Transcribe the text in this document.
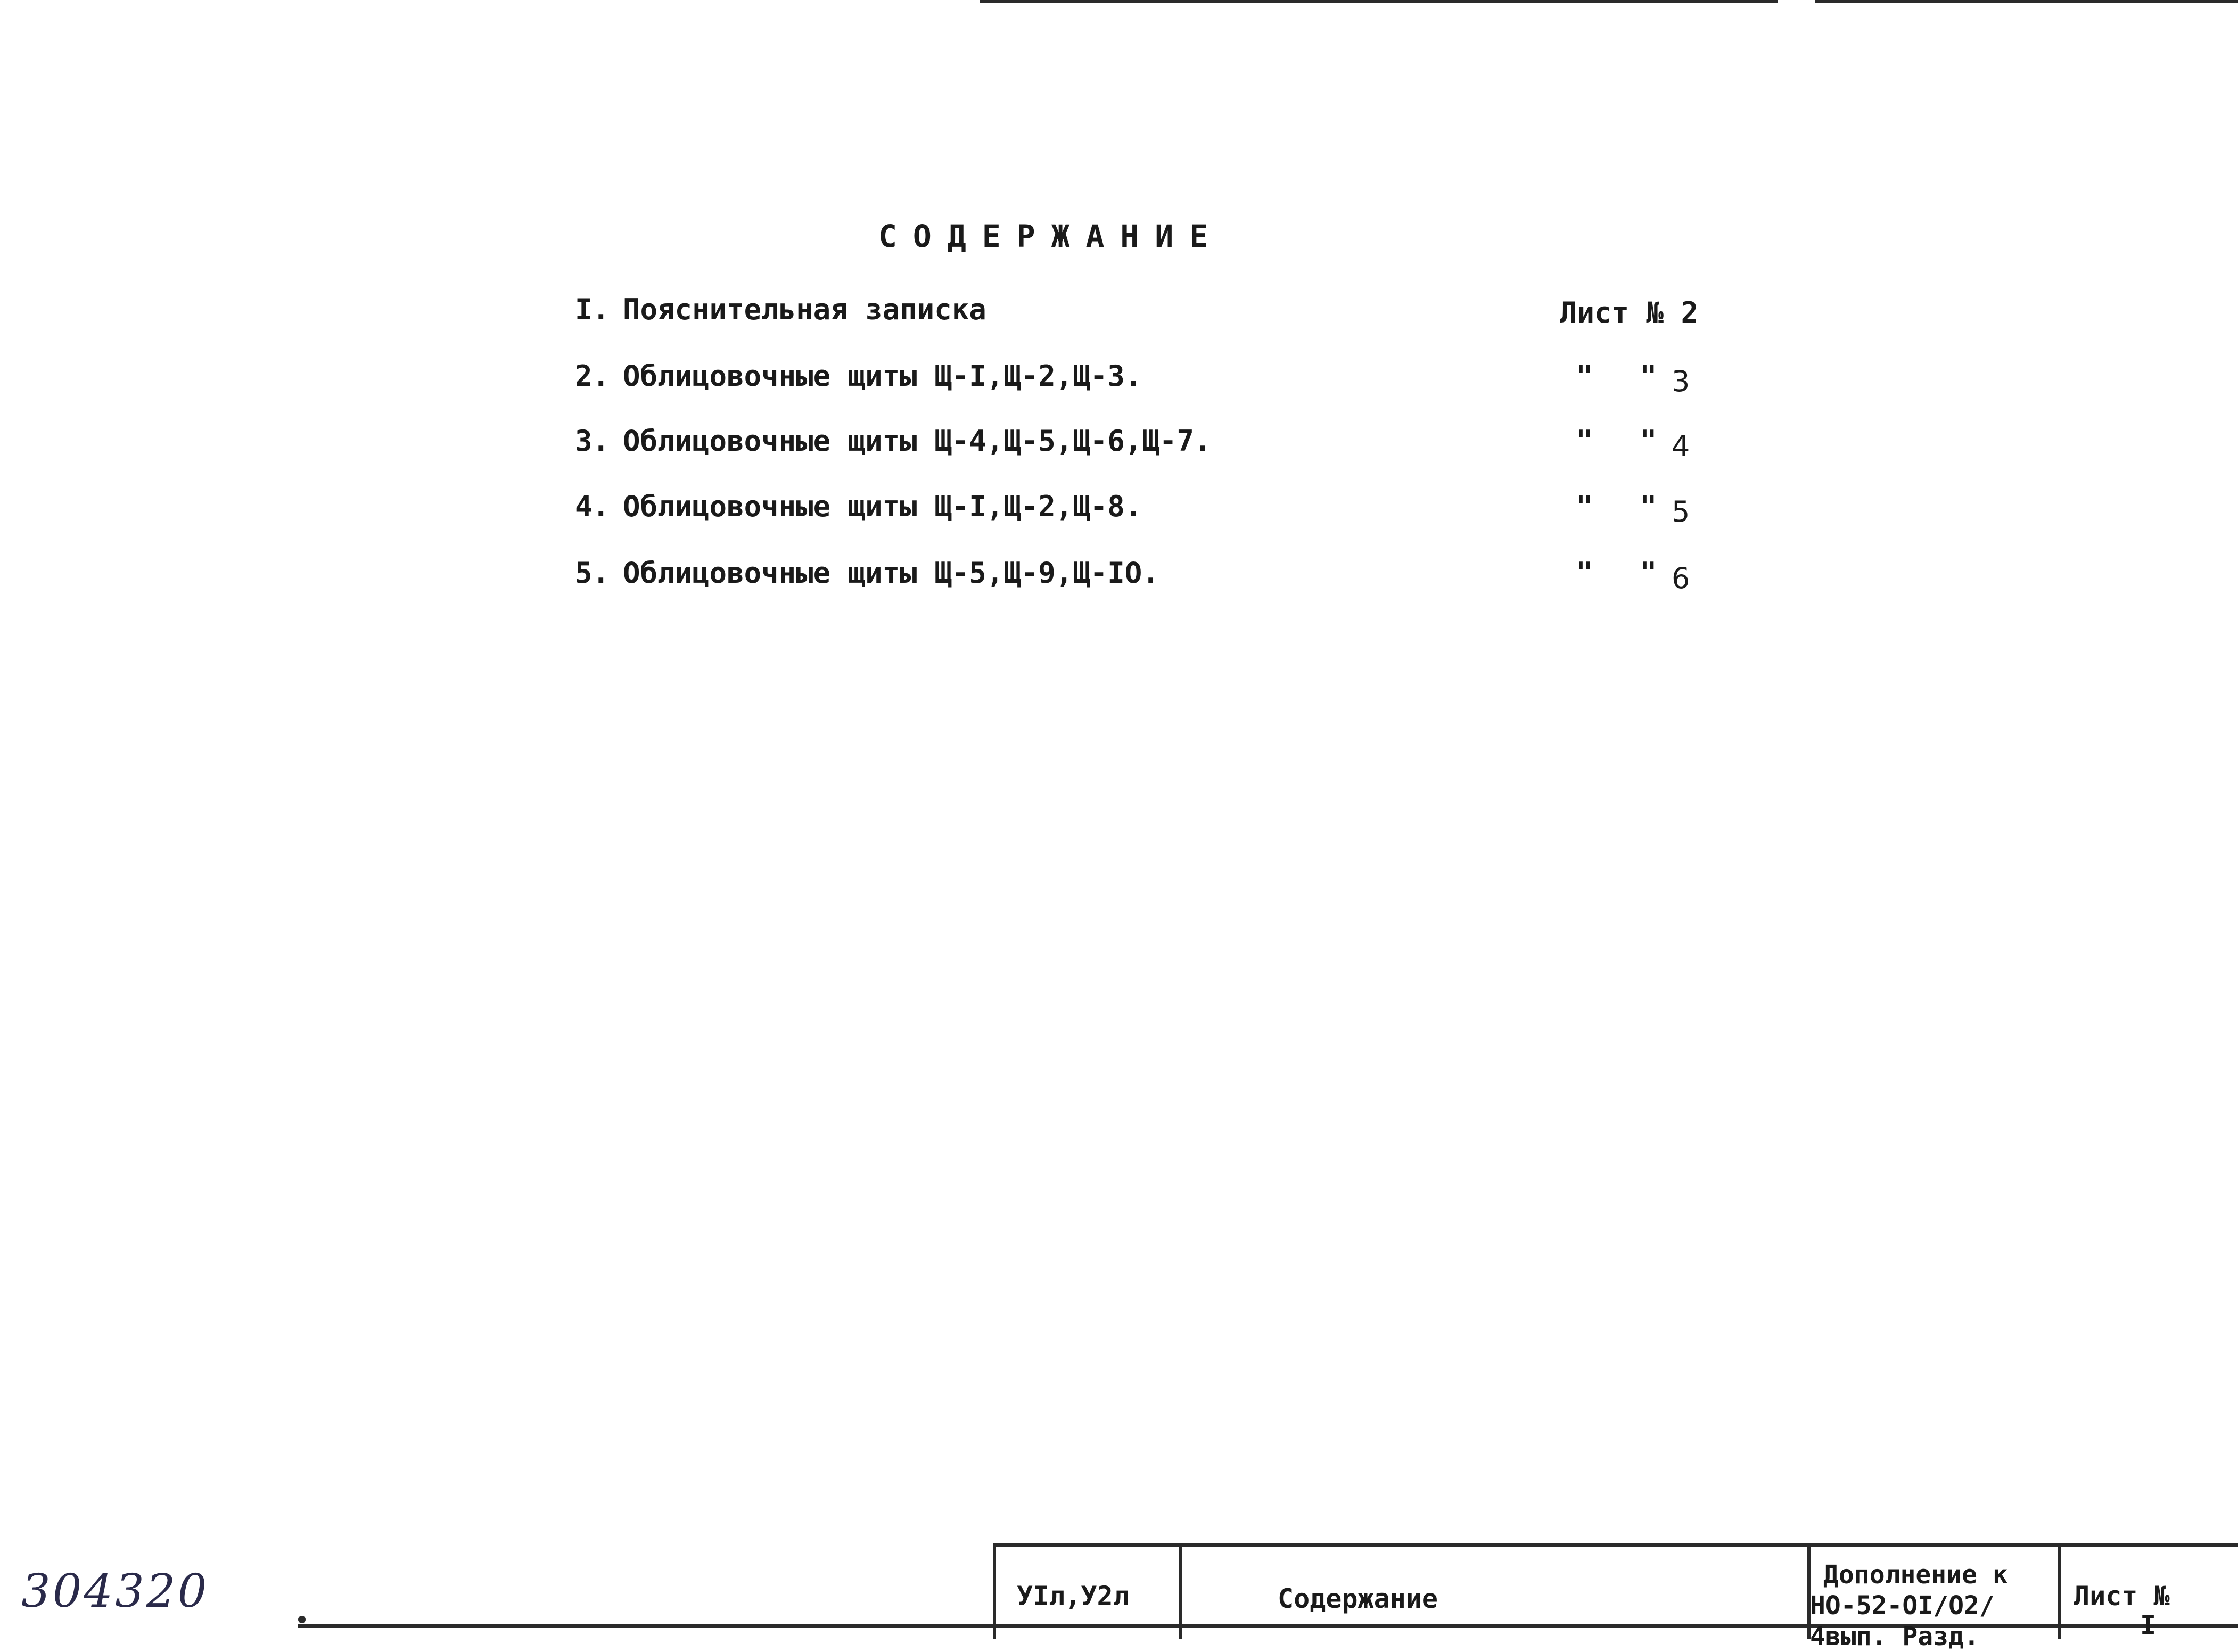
СОДЕРЖАНИЕ
I. Пояснительная записка	Лист № 2
2. Облицовочные щиты Щ-I,Щ-2,Щ-3.	" " 3
3. Облицовочные щиты Щ-4,Щ-5,Щ-6,Щ-7.	" " 4
4. Облицовочные щиты Щ-I,Щ-2,Щ-8.	" " 5
5. Облицовочные щиты Щ-5,Щ-9,Щ-IO.	" " 6
304320	УIл,У2л	Содержание
Дополнение к
НО-52-OI/O2/
4вып. Разд.
Лист №
I
